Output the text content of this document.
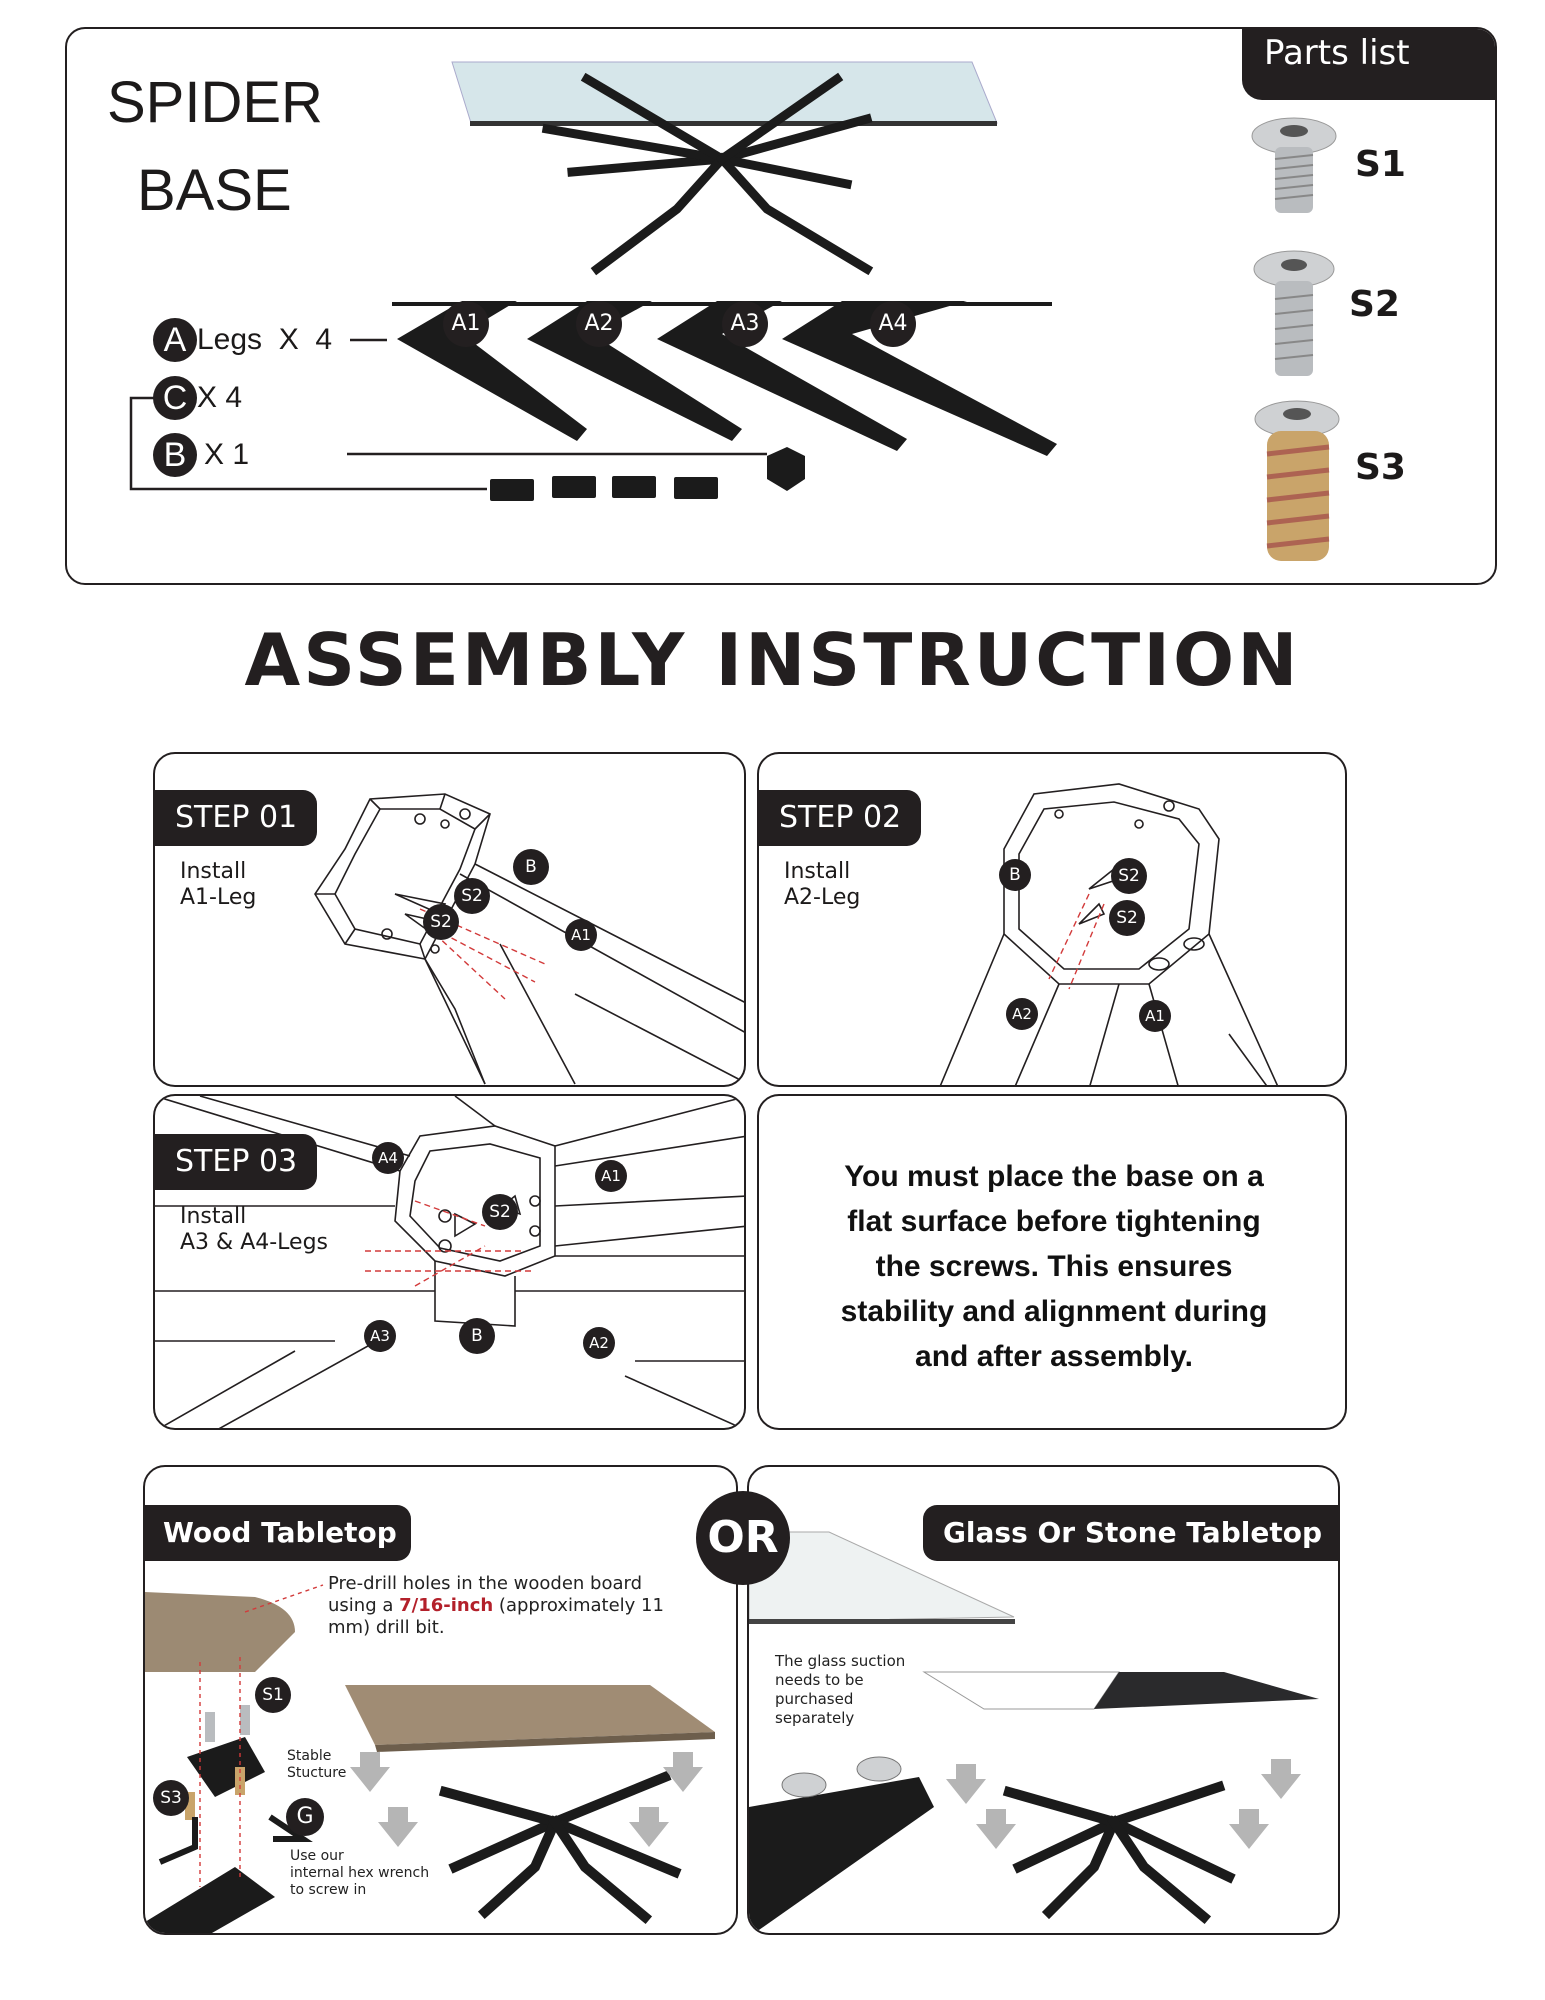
SPIDER
BASE
Parts list
S1
S2
S3
A Legs  X  4
C X 4
B X 1
A1	A2	A3	A4
ASSEMBLY INSTRUCTION
STEP 01
Install
A1-Leg
B
S2
S2
A1
STEP 02
Install
A2-Leg
B	S2
S2
A2	A1
STEP 03
Install
A3 & A4-Legs
A4
A1
S2
A3	B	A2
You must place the base on a
flat surface before tightening
the screws. This ensures
stability and alignment during
and after assembly.
Wood Tabletop
Pre-drill holes in the wooden board
using a 7/16-inch (approximately 11
mm) drill bit.
S1
S3
G
Stable
Stucture
Use our
internal hex wrench
to screw in
Glass Or Stone Tabletop
The glass suction
needs to be
purchased
separately
OR
